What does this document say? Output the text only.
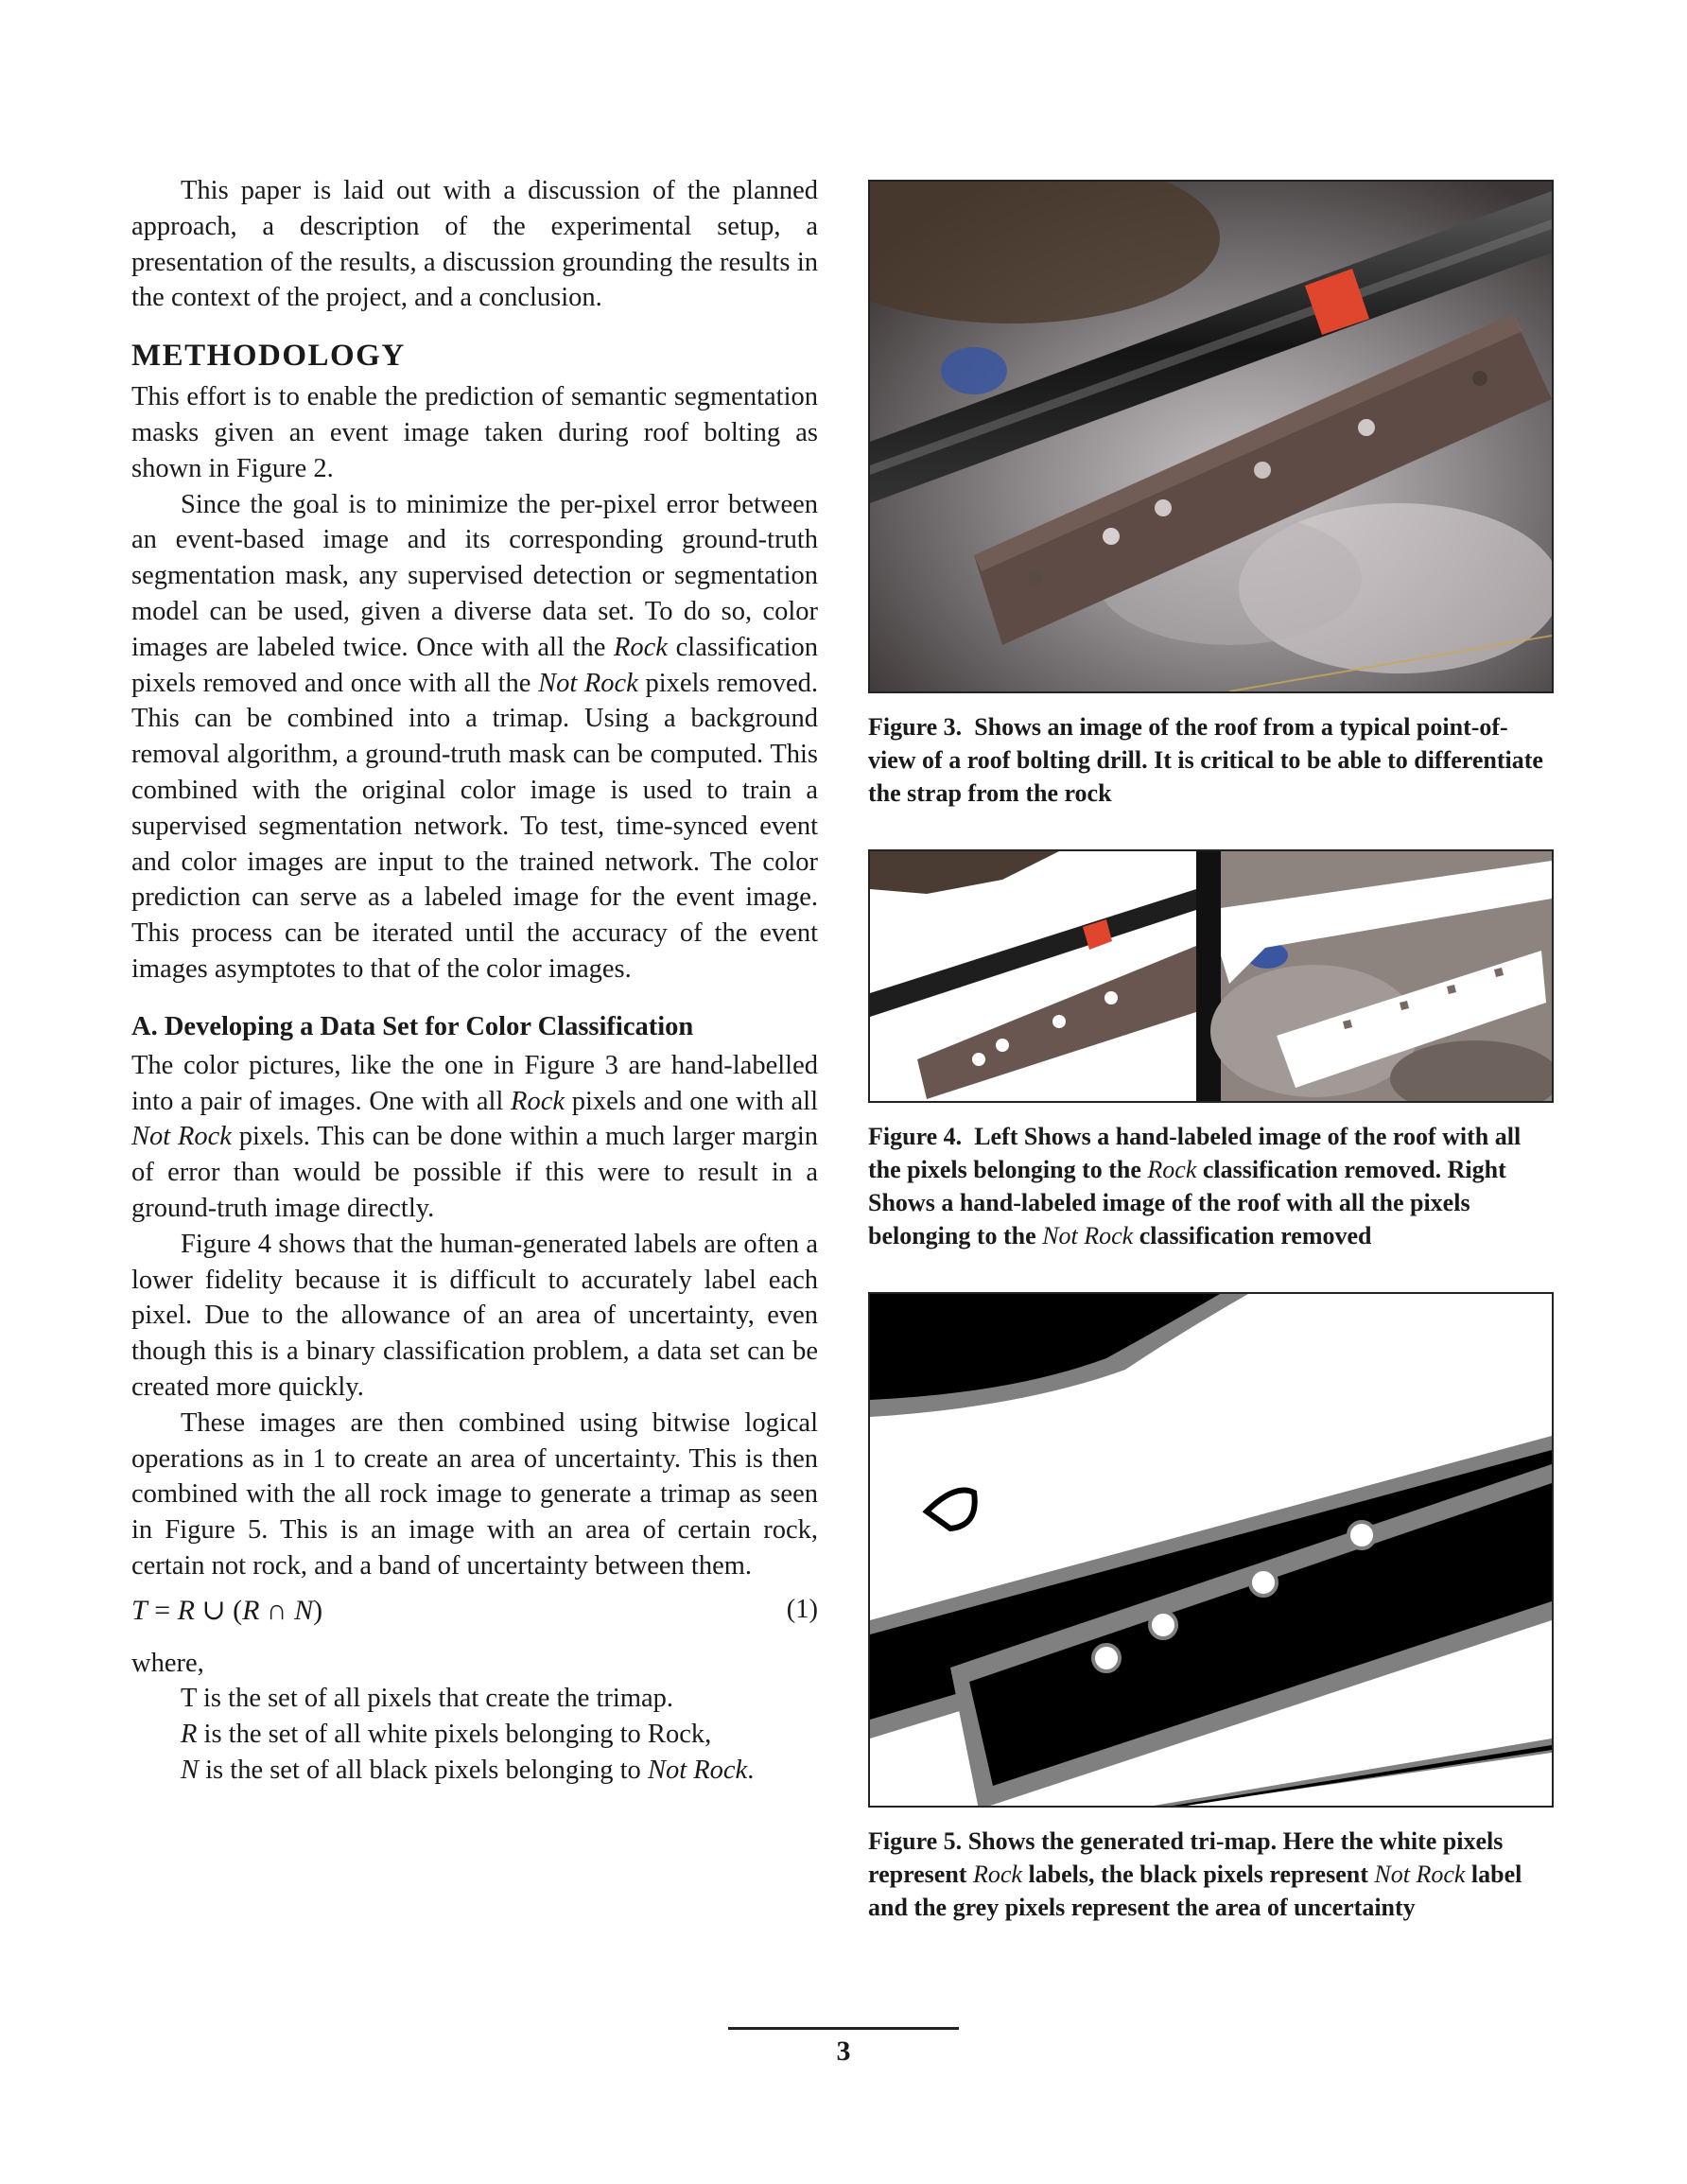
This paper is laid out with a discussion of the planned approach, a description of the experimental setup, a presentation of the results, a discussion grounding the results in the context of the project, and a conclusion.

METHODOLOGY

This effort is to enable the prediction of semantic segmentation masks given an event image taken during roof bolting as shown in Figure 2.

Since the goal is to minimize the per-pixel error between an event-based image and its corresponding ground-truth segmentation mask, any supervised detection or segmentation model can be used, given a diverse data set. To do so, color images are labeled twice. Once with all the Rock classification pixels removed and once with all the Not Rock pixels removed. This can be combined into a trimap. Using a background removal algorithm, a ground-truth mask can be computed. This combined with the original color image is used to train a supervised segmentation network. To test, time-synced event and color images are input to the trained network. The color prediction can serve as a labeled image for the event image. This process can be iterated until the accuracy of the event images asymptotes to that of the color images.

A. Developing a Data Set for Color Classification

The color pictures, like the one in Figure 3 are hand-labelled into a pair of images. One with all Rock pixels and one with all Not Rock pixels. This can be done within a much larger margin of error than would be possible if this were to result in a ground-truth image directly.

Figure 4 shows that the human-generated labels are often a lower fidelity because it is difficult to accurately label each pixel. Due to the allowance of an area of uncertainty, even though this is a binary classification problem, a data set can be created more quickly.

These images are then combined using bitwise logical operations as in 1 to create an area of uncertainty. This is then combined with the all rock image to generate a trimap as seen in Figure 5. This is an image with an area of certain rock, certain not rock, and a band of uncertainty between them.

T = R ∪ (R ∩ N)	(1)
where,
T is the set of all pixels that create the trimap.
R is the set of all white pixels belonging to Rock,
N is the set of all black pixels belonging to Not Rock.
Figure 3. Shows an image of the roof from a typical point-of-view of a roof bolting drill. It is critical to be able to differentiate the strap from the rock
Figure 4. Left Shows a hand-labeled image of the roof with all the pixels belonging to the Rock classification removed. Right Shows a hand-labeled image of the roof with all the pixels belonging to the Not Rock classification removed
Figure 5. Shows the generated tri-map. Here the white pixels represent Rock labels, the black pixels represent Not Rock label and the grey pixels represent the area of uncertainty
3
